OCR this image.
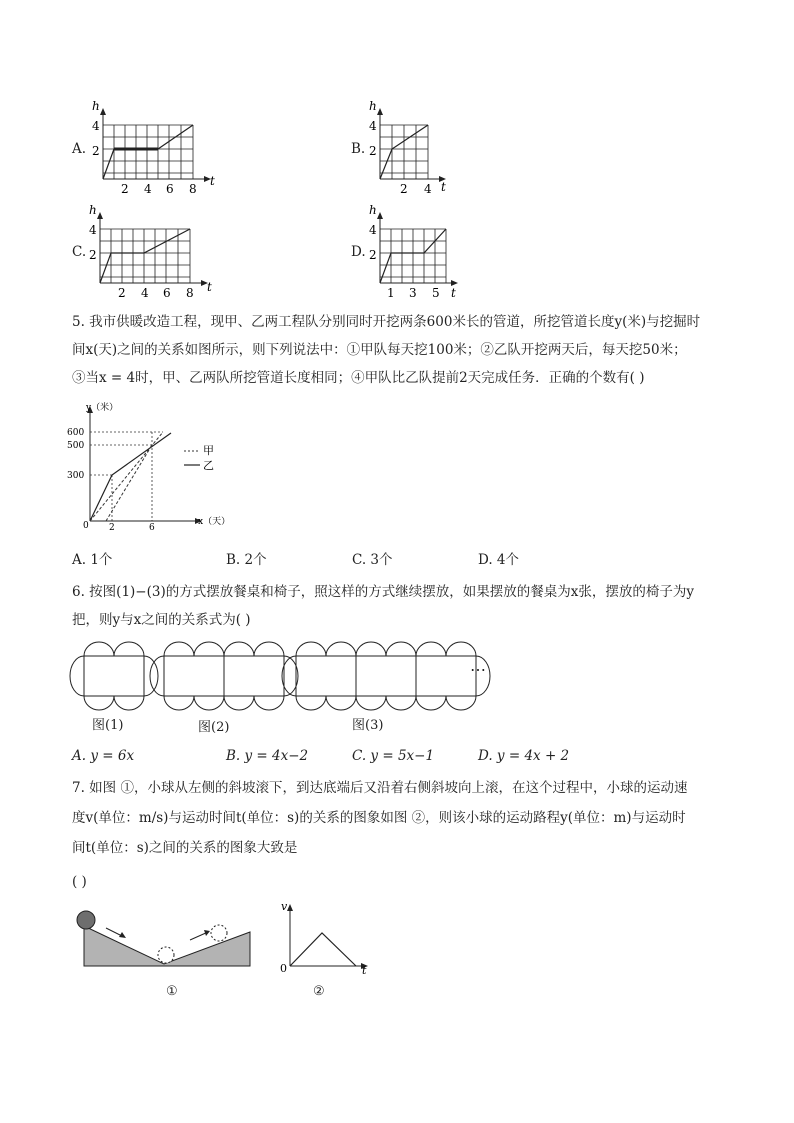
A.
h
4
2
2 4 6 8
t
B.
h
4
2
2 4 t
C.
h
4
2
2 4 6 8 t
D.
h
4
2
1 3 5 t
5. 我市供暖改造工程，现甲、乙两工程队分别同时开挖两条600米长的管道，所挖管道长度y(米)与挖掘时
间x(天)之间的关系如图所示，则下列说法中：①甲队每天挖100米；②乙队开挖两天后，每天挖50米；
③当x = 4时，甲、乙两队所挖管道长度相同；④甲队比乙队提前2天完成任务．正确的个数有( )
甲
乙
y（米）
600
500
300
0 2	6
x（天）
A. 1个	B. 2个	C. 3个	D. 4个
6. 按图(1)−(3)的方式摆放餐桌和椅子，照这样的方式继续摆放，如果摆放的餐桌为x张，摆放的椅子为y
把，则y与x之间的关系式为( )
⋯
图(1)	图(2)	图(3)
A. y = 6x	B. y = 4x−2	C. y = 5x−1	D. y = 4x + 2
7. 如图 ①，小球从左侧的斜坡滚下，到达底端后又沿着右侧斜坡向上滚，在这个过程中，小球的运动速
度v(单位：m/s)与运动时间t(单位：s)的关系的图象如图 ②，则该小球的运动路程y(单位：m)与运动时
间t(单位：s)之间的关系的图象大致是
( )
①
v
0	t
②
